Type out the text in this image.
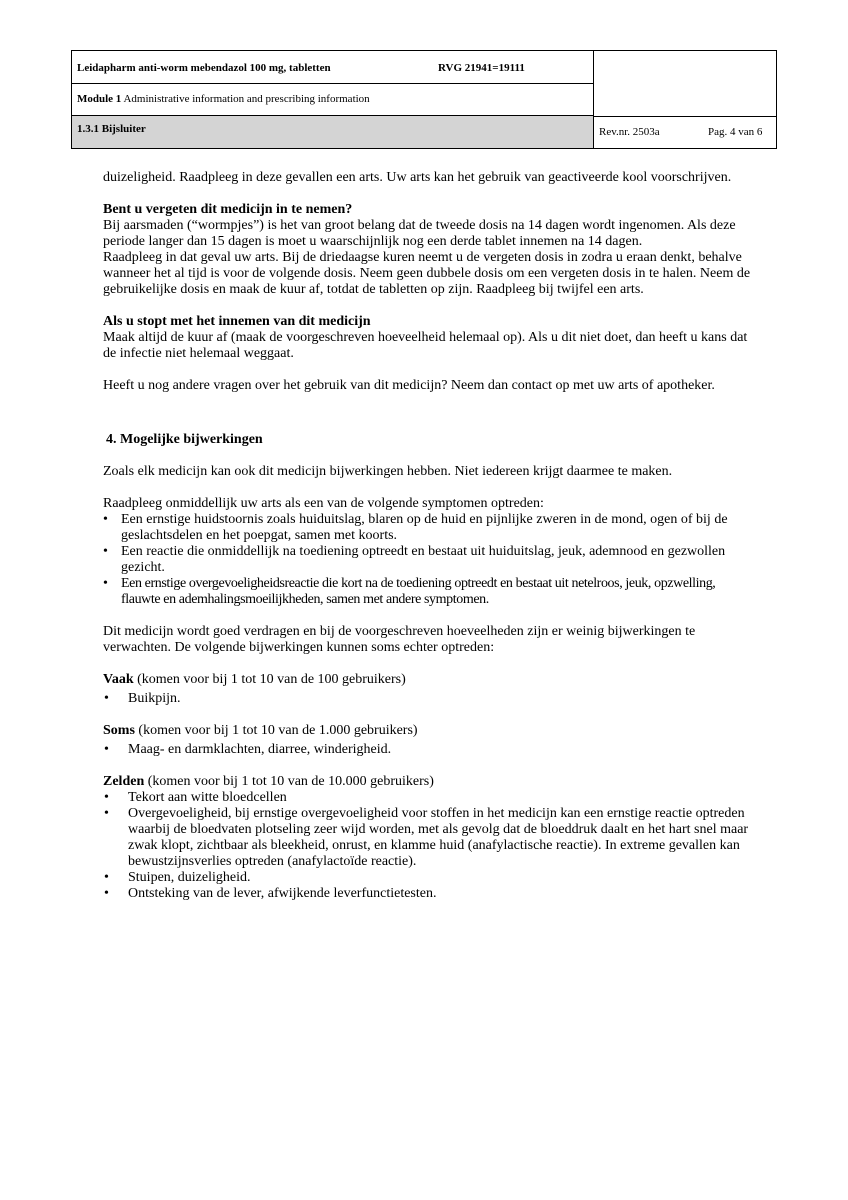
Leidapharm anti-worm mebendazol 100 mg, tabletten	RVG 21941=19111
Module 1 Administrative information and prescribing information
1.3.1 Bijsluiter	Rev.nr. 2503a	Pag. 4 van 6

duizeligheid. Raadpleeg in deze gevallen een arts. Uw arts kan het gebruik van geactiveerde kool voorschrijven.

Bent u vergeten dit medicijn in te nemen?

Bij aarsmaden (“wormpjes”) is het van groot belang dat de tweede dosis na 14 dagen wordt ingenomen. Als deze periode langer dan 15 dagen is moet u waarschijnlijk nog een derde tablet innemen na 14 dagen.

Raadpleeg in dat geval uw arts. Bij de driedaagse kuren neemt u de vergeten dosis in zodra u eraan denkt, behalve wanneer het al tijd is voor de volgende dosis. Neem geen dubbele dosis om een vergeten dosis in te halen. Neem de gebruikelijke dosis en maak de kuur af, totdat de tabletten op zijn. Raadpleeg bij twijfel een arts.

Als u stopt met het innemen van dit medicijn

Maak altijd de kuur af (maak de voorgeschreven hoeveelheid helemaal op). Als u dit niet doet, dan heeft u kans dat de infectie niet helemaal weggaat.

Heeft u nog andere vragen over het gebruik van dit medicijn? Neem dan contact op met uw arts of apotheker.

4. Mogelijke bijwerkingen

Zoals elk medicijn kan ook dit medicijn bijwerkingen hebben. Niet iedereen krijgt daarmee te maken.

Raadpleeg onmiddellijk uw arts als een van de volgende symptomen optreden:

• Een ernstige huidstoornis zoals huiduitslag, blaren op de huid en pijnlijke zweren in de mond, ogen of bij de geslachtsdelen en het poepgat, samen met koorts.
• Een reactie die onmiddellijk na toediening optreedt en bestaat uit huiduitslag, jeuk, ademnood en gezwollen gezicht.
• Een ernstige overgevoeligheidsreactie die kort na de toediening optreedt en bestaat uit netelroos, jeuk, opzwelling, flauwte en ademhalingsmoeilijkheden, samen met andere symptomen.

Dit medicijn wordt goed verdragen en bij de voorgeschreven hoeveelheden zijn er weinig bijwerkingen te verwachten. De volgende bijwerkingen kunnen soms echter optreden:

Vaak (komen voor bij 1 tot 10 van de 100 gebruikers)

• Buikpijn.

Soms (komen voor bij 1 tot 10 van de 1.000 gebruikers)

• Maag- en darmklachten, diarree, winderigheid.

Zelden (komen voor bij 1 tot 10 van de 10.000 gebruikers)

• Tekort aan witte bloedcellen
• Overgevoeligheid, bij ernstige overgevoeligheid voor stoffen in het medicijn kan een ernstige reactie optreden waarbij de bloedvaten plotseling zeer wijd worden, met als gevolg dat de bloeddruk daalt en het hart snel maar zwak klopt, zichtbaar als bleekheid, onrust, en klamme huid (anafylactische reactie). In extreme gevallen kan bewustzijnsverlies optreden (anafylactoïde reactie).
• Stuipen, duizeligheid.
• Ontsteking van de lever, afwijkende leverfunctietesten.
